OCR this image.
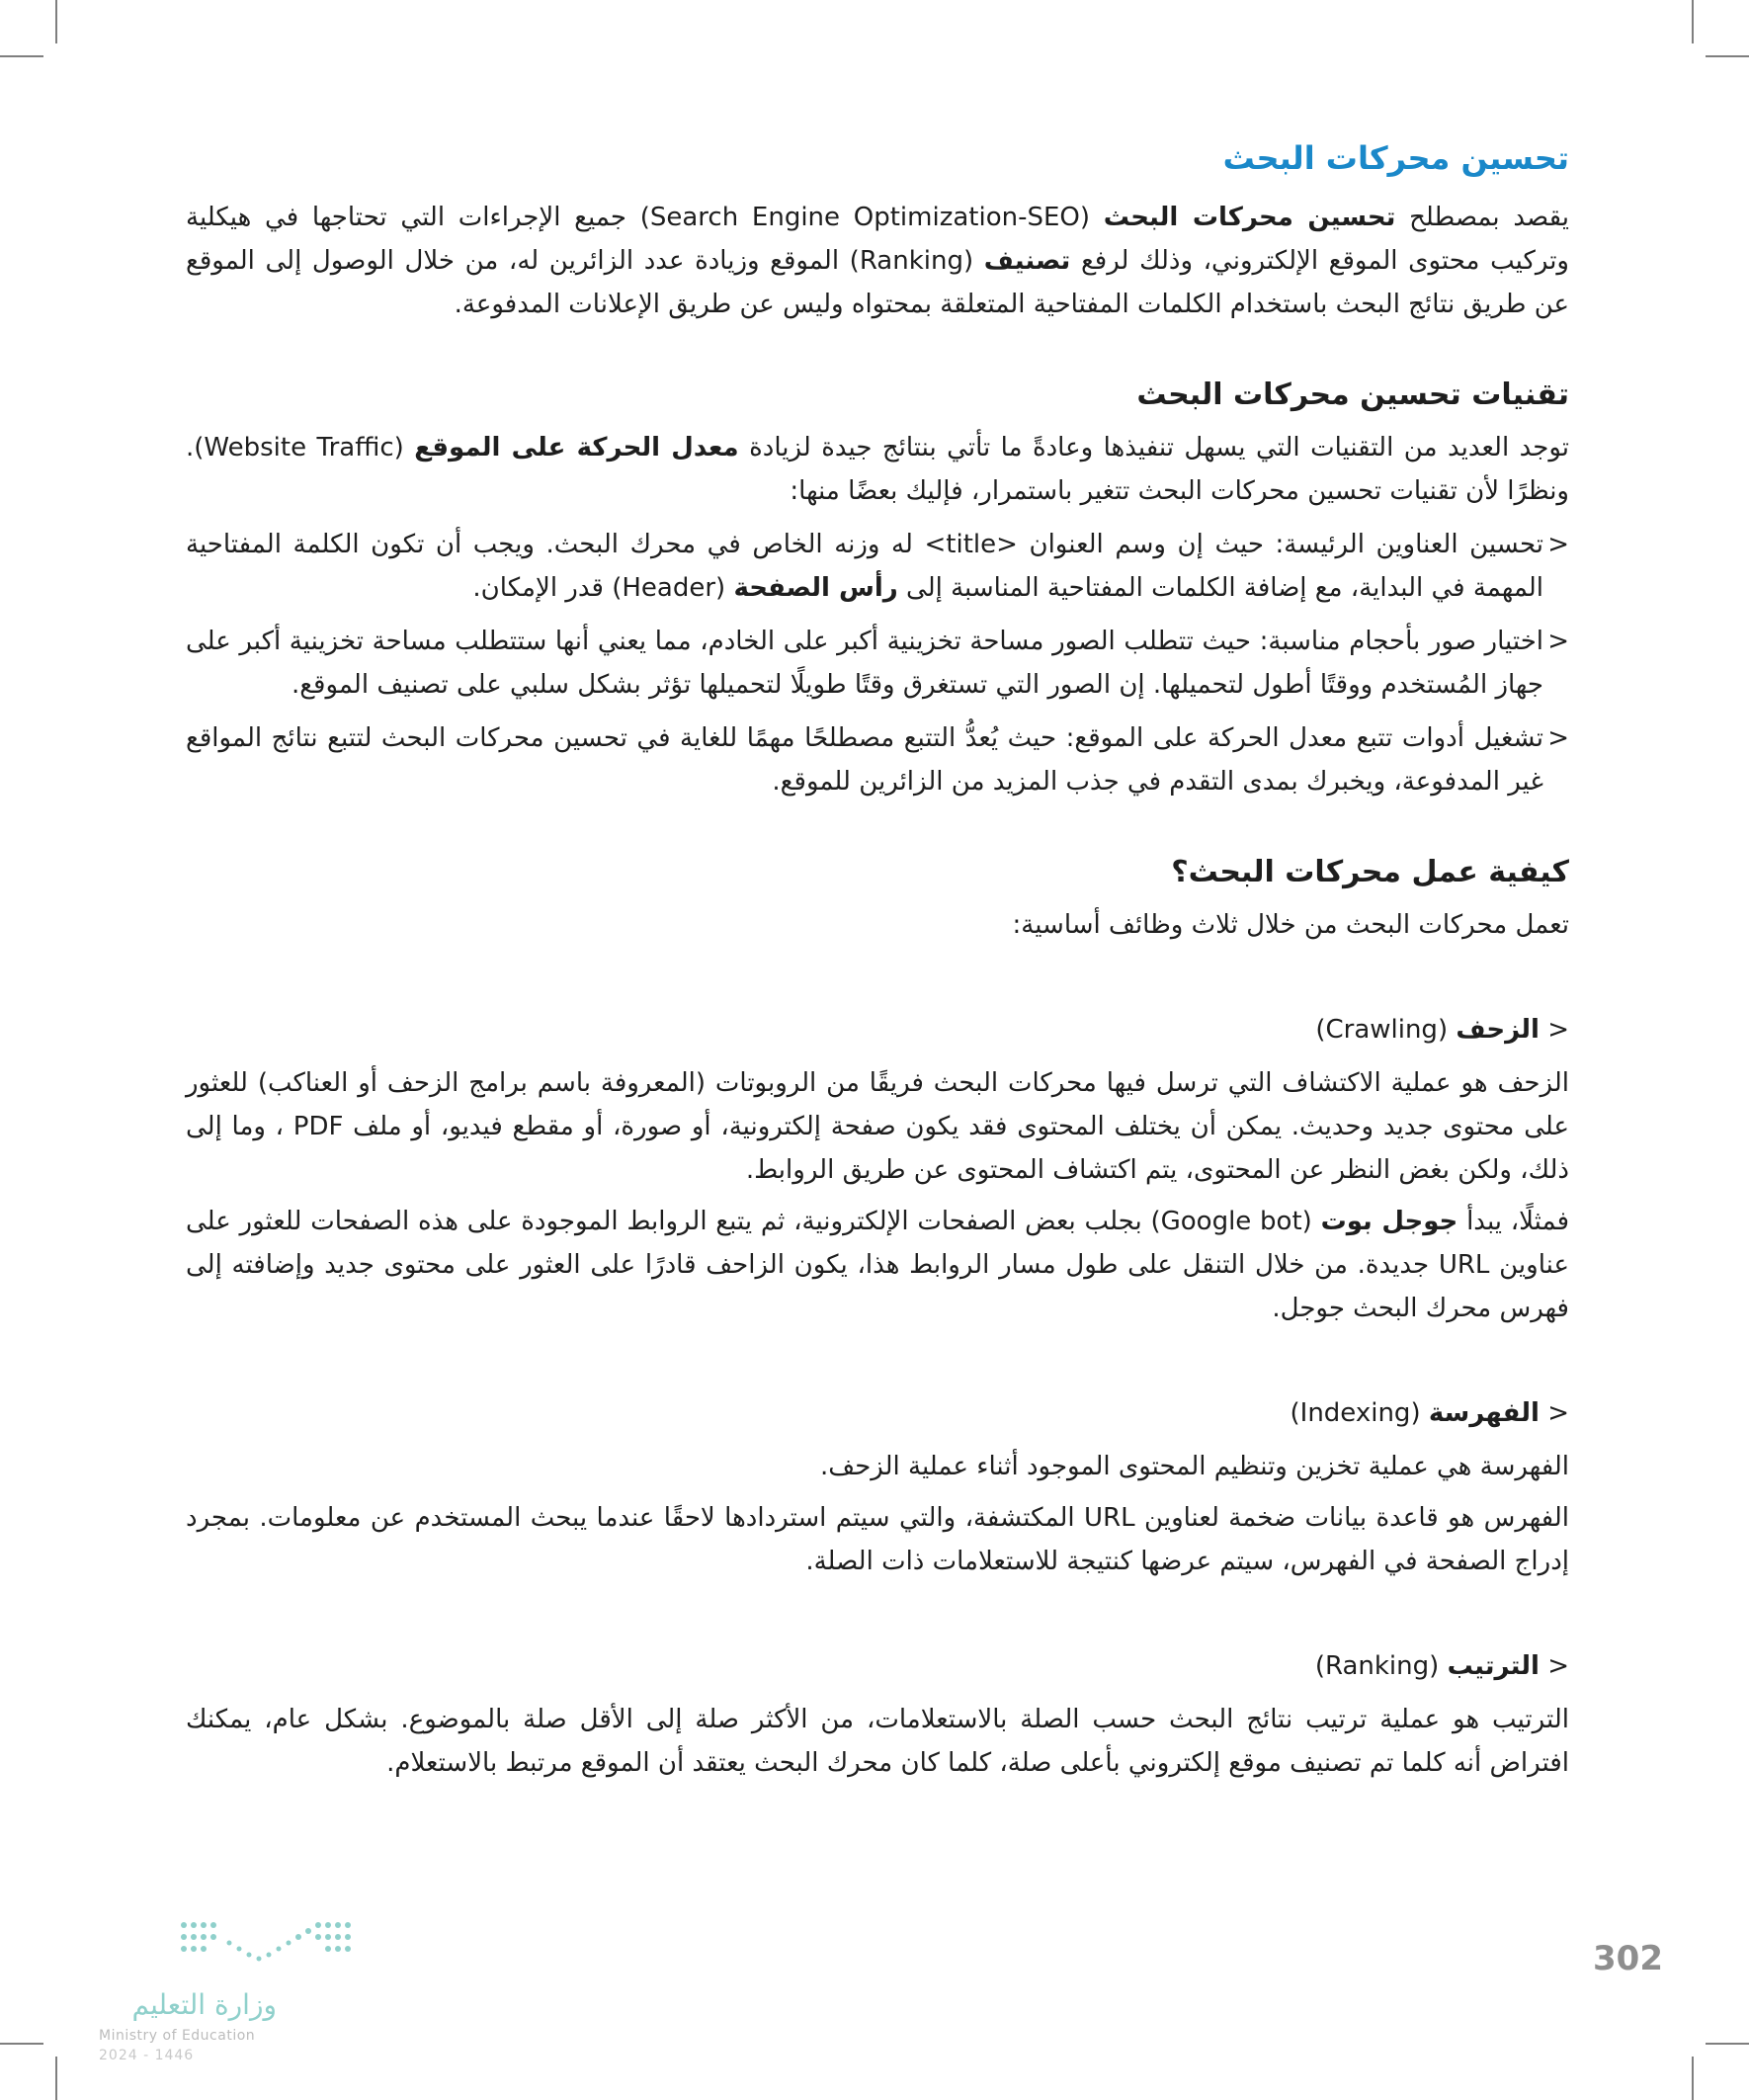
تحسين محركات البحث

يقصد بمصطلح تحسين محركات البحث (Search Engine Optimization-SEO) جميع الإجراءات التي تحتاجها في هيكلية وتركيب محتوى الموقع الإلكتروني، وذلك لرفع تصنيف (Ranking) الموقع وزيادة عدد الزائرين له، من خلال الوصول إلى الموقع عن طريق نتائج البحث باستخدام الكلمات المفتاحية المتعلقة بمحتواه وليس عن طريق الإعلانات المدفوعة.

تقنيات تحسين محركات البحث

توجد العديد من التقنيات التي يسهل تنفيذها وعادةً ما تأتي بنتائج جيدة لزيادة معدل الحركة على الموقع (Website Traffic). ونظرًا لأن تقنيات تحسين محركات البحث تتغير باستمرار، فإليك بعضًا منها:

<
تحسين العناوين الرئيسة: حيث إن وسم العنوان <title> له وزنه الخاص في محرك البحث. ويجب أن تكون الكلمة المفتاحية المهمة في البداية، مع إضافة الكلمات المفتاحية المناسبة إلى رأس الصفحة (Header) قدر الإمكان.
<
اختيار صور بأحجام مناسبة: حيث تتطلب الصور مساحة تخزينية أكبر على الخادم، مما يعني أنها ستتطلب مساحة تخزينية أكبر على جهاز المُستخدم ووقتًا أطول لتحميلها. إن الصور التي تستغرق وقتًا طويلًا لتحميلها تؤثر بشكل سلبي على تصنيف الموقع.
<
تشغيل أدوات تتبع معدل الحركة على الموقع: حيث يُعدُّ التتبع مصطلحًا مهمًا للغاية في تحسين محركات البحث لتتبع نتائج المواقع غير المدفوعة، ويخبرك بمدى التقدم في جذب المزيد من الزائرين للموقع.
كيفية عمل محركات البحث؟

تعمل محركات البحث من خلال ثلاث وظائف أساسية:

< الزحف (Crawling)

الزحف هو عملية الاكتشاف التي ترسل فيها محركات البحث فريقًا من الروبوتات (المعروفة باسم برامج الزحف أو العناكب) للعثور على محتوى جديد وحديث. يمكن أن يختلف المحتوى فقد يكون صفحة إلكترونية، أو صورة، أو مقطع فيديو، أو ملف PDF ، وما إلى ذلك، ولكن بغض النظر عن المحتوى، يتم اكتشاف المحتوى عن طريق الروابط.

فمثلًا، يبدأ جوجل بوت (Google bot) بجلب بعض الصفحات الإلكترونية، ثم يتبع الروابط الموجودة على هذه الصفحات للعثور على عناوين URL جديدة. من خلال التنقل على طول مسار الروابط هذا، يكون الزاحف قادرًا على العثور على محتوى جديد وإضافته إلى فهرس محرك البحث جوجل.

< الفهرسة (Indexing)

الفهرسة هي عملية تخزين وتنظيم المحتوى الموجود أثناء عملية الزحف.

الفهرس هو قاعدة بيانات ضخمة لعناوين URL المكتشفة، والتي سيتم استردادها لاحقًا عندما يبحث المستخدم عن معلومات. بمجرد إدراج الصفحة في الفهرس، سيتم عرضها كنتيجة للاستعلامات ذات الصلة.

< الترتيب (Ranking)

الترتيب هو عملية ترتيب نتائج البحث حسب الصلة بالاستعلامات، من الأكثر صلة إلى الأقل صلة بالموضوع. بشكل عام، يمكنك افتراض أنه كلما تم تصنيف موقع إلكتروني بأعلى صلة، كلما كان محرك البحث يعتقد أن الموقع مرتبط بالاستعلام.

وزارة التعليم
Ministry of Education
2024 - 1446
302
